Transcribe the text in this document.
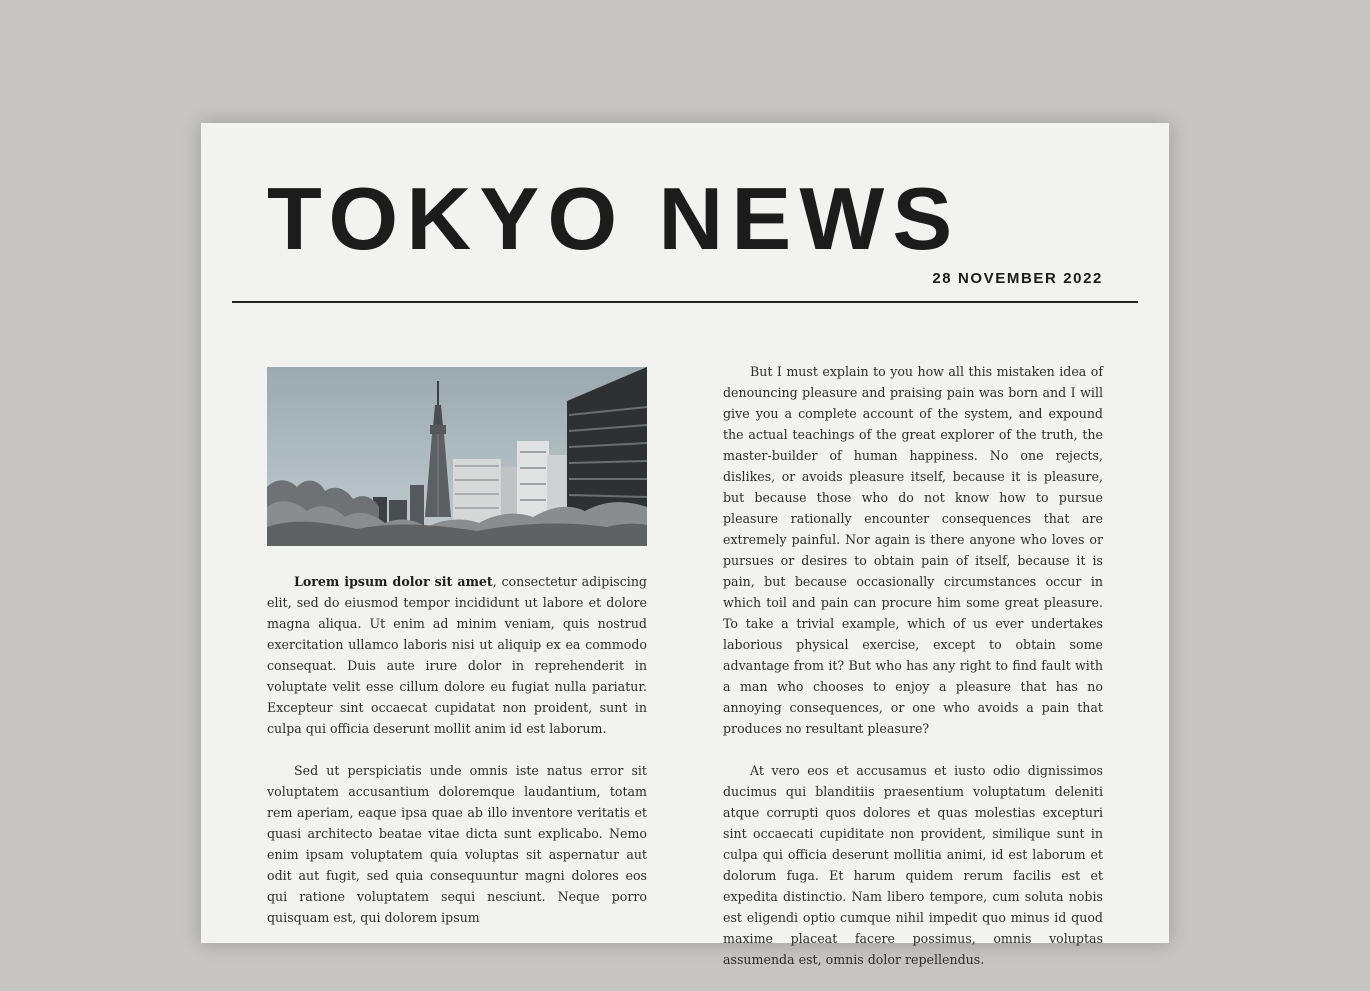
TOKYO NEWS
28 NOVEMBER 2022

Lorem ipsum dolor sit amet, consectetur adipiscing elit, sed do eiusmod tempor incididunt ut labore et dolore magna aliqua. Ut enim ad minim veniam, quis nostrud exercitation ullamco laboris nisi ut aliquip ex ea commodo consequat. Duis aute irure dolor in reprehenderit in voluptate velit esse cillum dolore eu fugiat nulla pariatur. Excepteur sint occaecat cupidatat non proident, sunt in culpa qui officia deserunt mollit anim id est laborum.

Sed ut perspiciatis unde omnis iste natus error sit voluptatem accusantium doloremque laudantium, totam rem aperiam, eaque ipsa quae ab illo inventore veritatis et quasi architecto beatae vitae dicta sunt explicabo. Nemo enim ipsam voluptatem quia voluptas sit aspernatur aut odit aut fugit, sed quia consequuntur magni dolores eos qui ratione voluptatem sequi nesciunt. Neque porro quisquam est, qui dolorem ipsum

But I must explain to you how all this mistaken idea of denouncing pleasure and praising pain was born and I will give you a complete account of the system, and expound the actual teachings of the great explorer of the truth, the master-builder of human happiness. No one rejects, dislikes, or avoids pleasure itself, because it is pleasure, but because those who do not know how to pursue pleasure rationally encounter consequences that are extremely painful. Nor again is there anyone who loves or pursues or desires to obtain pain of itself, because it is pain, but because occasionally circumstances occur in which toil and pain can procure him some great pleasure. To take a trivial example, which of us ever undertakes laborious physical exercise, except to obtain some advantage from it? But who has any right to find fault with a man who chooses to enjoy a pleasure that has no annoying consequences, or one who avoids a pain that produces no resultant pleasure?

At vero eos et accusamus et iusto odio dignissimos ducimus qui blanditiis praesentium voluptatum deleniti atque corrupti quos dolores et quas molestias excepturi sint occaecati cupiditate non provident, similique sunt in culpa qui officia deserunt mollitia animi, id est laborum et dolorum fuga. Et harum quidem rerum facilis est et expedita distinctio. Nam libero tempore, cum soluta nobis est eligendi optio cumque nihil impedit quo minus id quod maxime placeat facere possimus, omnis voluptas assumenda est, omnis dolor repellendus.
